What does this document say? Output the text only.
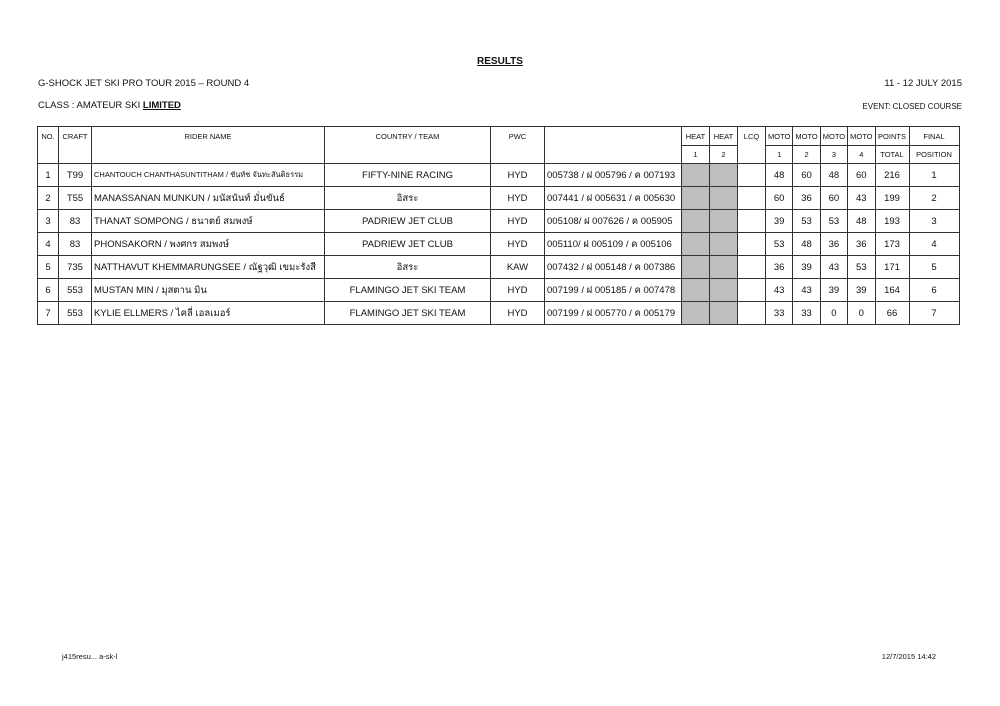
RESULTS
G-SHOCK JET SKI PRO TOUR 2015 – ROUND 4	11 - 12 JULY 2015
CLASS : AMATEUR SKI LIMITED	EVENT: CLOSED COURSE
NO.	CRAFT	RIDER NAME	COUNTRY / TEAM	PWC		HEAT	HEAT	LCQ	MOTO	MOTO	MOTO	MOTO	POINTS	FINAL
						1	2		1	2	3	4	TOTAL	POSITION
1	T99	CHANTOUCH CHANTHASUNTITHAM / ชันทัช จันทะสันติธรรม	FIFTY-NINE RACING	HYD	005738 / ฝ 005796 / ค 007193				48	60	48	60	216	1
2	T55	MANASSANAN MUNKUN / มนัสนันท์ มั่นขันธ์	อิสระ	HYD	007441 / ฝ 005631 / ค 005630				60	36	60	43	199	2
3	83	THANAT SOMPONG / ธนาตย์ สมพงษ์	PADRIEW JET CLUB	HYD	005108/ ฝ 007626 / ค 005905				39	53	53	48	193	3
4	83	PHONSAKORN / พงศกร สมพงษ์	PADRIEW JET CLUB	HYD	005110/ ฝ 005109 / ค 005106				53	48	36	36	173	4
5	735	NATTHAVUT KHEMMARUNGSEE / ณัฐวุฒิ เขมะรังสี	อิสระ	KAW	007432 / ฝ 005148 / ค 007386				36	39	43	53	171	5
6	553	MUSTAN MIN / มุสตาน มิน	FLAMINGO JET SKI TEAM	HYD	007199 / ฝ 005185 / ค 007478				43	43	39	39	164	6
7	553	KYLIE ELLMERS / ไคลี่ เอลเมอร์	FLAMINGO JET SKI TEAM	HYD	007199 / ฝ 005770 / ค 005179				33	33	0	0	66	7
j415resu... a-sk-l	12/7/2015 14:42
